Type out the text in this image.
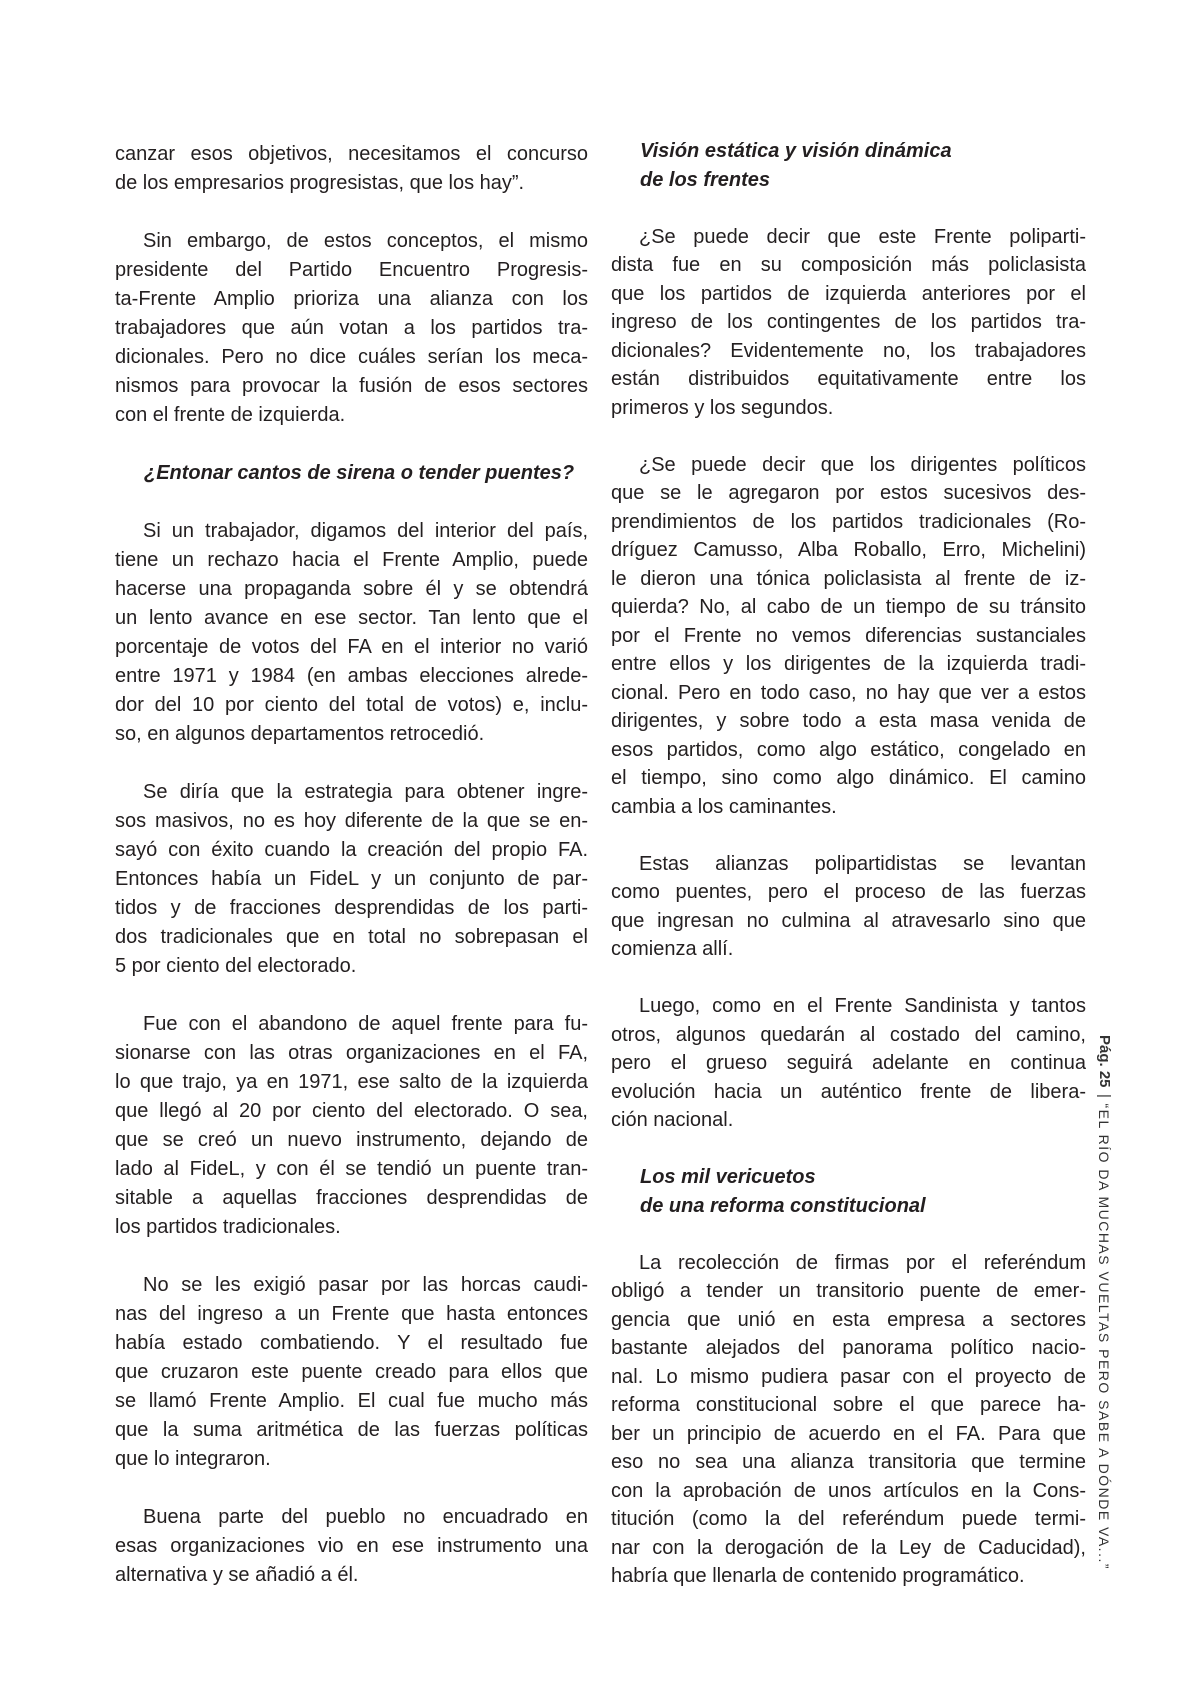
canzar esos objetivos, necesitamos el concurso
de los empresarios progresistas, que los hay”.
Sin embargo, de estos conceptos, el mismo
presidente del Partido Encuentro Progresis-
ta-Frente Amplio prioriza una alianza con los
trabajadores que aún votan a los partidos tra-
dicionales. Pero no dice cuáles serían los meca-
nismos para provocar la fusión de esos sectores
con el frente de izquierda.
¿Entonar cantos de sirena o tender puentes?
Si un trabajador, digamos del interior del país,
tiene un rechazo hacia el Frente Amplio, puede
hacerse una propaganda sobre él y se obtendrá
un lento avance en ese sector. Tan lento que el
porcentaje de votos del FA en el interior no varió
entre 1971 y 1984 (en ambas elecciones alrede-
dor del 10 por ciento del total de votos) e, inclu-
so, en algunos departamentos retrocedió.
Se diría que la estrategia para obtener ingre-
sos masivos, no es hoy diferente de la que se en-
sayó con éxito cuando la creación del propio FA.
Entonces había un FideL y un conjunto de par-
tidos y de fracciones desprendidas de los parti-
dos tradicionales que en total no sobrepasan el
5 por ciento del electorado.
Fue con el abandono de aquel frente para fu-
sionarse con las otras organizaciones en el FA,
lo que trajo, ya en 1971, ese salto de la izquierda
que llegó al 20 por ciento del electorado. O sea,
que se creó un nuevo instrumento, dejando de
lado al FideL, y con él se tendió un puente tran-
sitable a aquellas fracciones desprendidas de
los partidos tradicionales.
No se les exigió pasar por las horcas caudi-
nas del ingreso a un Frente que hasta entonces
había estado combatiendo. Y el resultado fue
que cruzaron este puente creado para ellos que
se llamó Frente Amplio. El cual fue mucho más
que la suma aritmética de las fuerzas políticas
que lo integraron.
Buena parte del pueblo no encuadrado en
esas organizaciones vio en ese instrumento una
alternativa y se añadió a él.
Visión estática y visión dinámica
de los frentes
¿Se puede decir que este Frente poliparti-
dista fue en su composición más policlasista
que los partidos de izquierda anteriores por el
ingreso de los contingentes de los partidos tra-
dicionales? Evidentemente no, los trabajadores
están distribuidos equitativamente entre los
primeros y los segundos.
¿Se puede decir que los dirigentes políticos
que se le agregaron por estos sucesivos des-
prendimientos de los partidos tradicionales (Ro-
dríguez Camusso, Alba Roballo, Erro, Michelini)
le dieron una tónica policlasista al frente de iz-
quierda? No, al cabo de un tiempo de su tránsito
por el Frente no vemos diferencias sustanciales
entre ellos y los dirigentes de la izquierda tradi-
cional. Pero en todo caso, no hay que ver a estos
dirigentes, y sobre todo a esta masa venida de
esos partidos, como algo estático, congelado en
el tiempo, sino como algo dinámico. El camino
cambia a los caminantes.
Estas alianzas polipartidistas se levantan
como puentes, pero el proceso de las fuerzas
que ingresan no culmina al atravesarlo sino que
comienza allí.
Luego, como en el Frente Sandinista y tantos
otros, algunos quedarán al costado del camino,
pero el grueso seguirá adelante en continua
evolución hacia un auténtico frente de libera-
ción nacional.
Los mil vericuetos
de una reforma constitucional
La recolección de firmas por el referéndum
obligó a tender un transitorio puente de emer-
gencia que unió en esta empresa a sectores
bastante alejados del panorama político nacio-
nal. Lo mismo pudiera pasar con el proyecto de
reforma constitucional sobre el que parece ha-
ber un principio de acuerdo en el FA. Para que
eso no sea una alianza transitoria que termine
con la aprobación de unos artículos en la Cons-
titución (como la del referéndum puede termi-
nar con la derogación de la Ley de Caducidad),
habría que llenarla de contenido programático.
Pág. 25|“EL RÍO DA MUCHAS VUELTAS PERO SABE A DÓNDE VA...”
